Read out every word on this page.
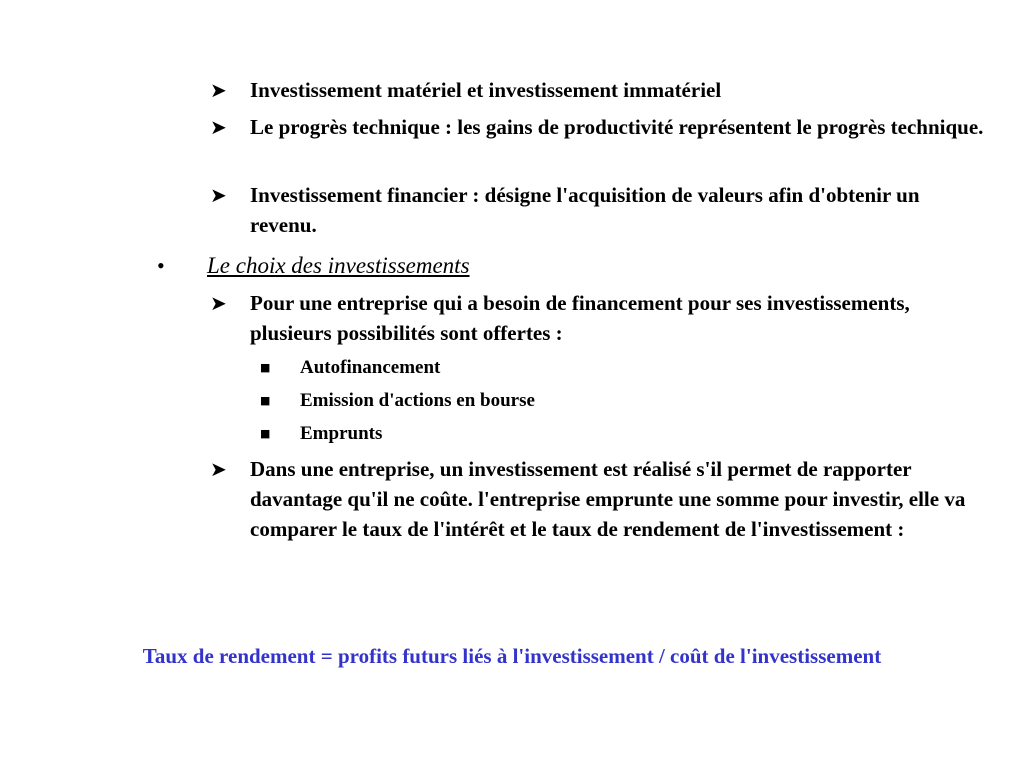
➤ Investissement matériel et investissement immatériel
➤ Le progrès technique : les gains de productivité représentent le progrès technique.
➤ Investissement financier : désigne l'acquisition de valeurs afin d'obtenir un revenu.
• Le choix des investissements
➤ Pour une entreprise qui a besoin de financement pour ses investissements, plusieurs possibilités sont offertes :
■ Autofinancement
■ Emission d'actions en bourse
■ Emprunts
➤ Dans une entreprise, un investissement est réalisé s'il permet de rapporter davantage qu'il ne coûte. l'entreprise emprunte une somme pour investir, elle va comparer le taux de l'intérêt et le taux de rendement de l'investissement :
Taux de rendement = profits futurs liés à l'investissement / coût de l'investissement
